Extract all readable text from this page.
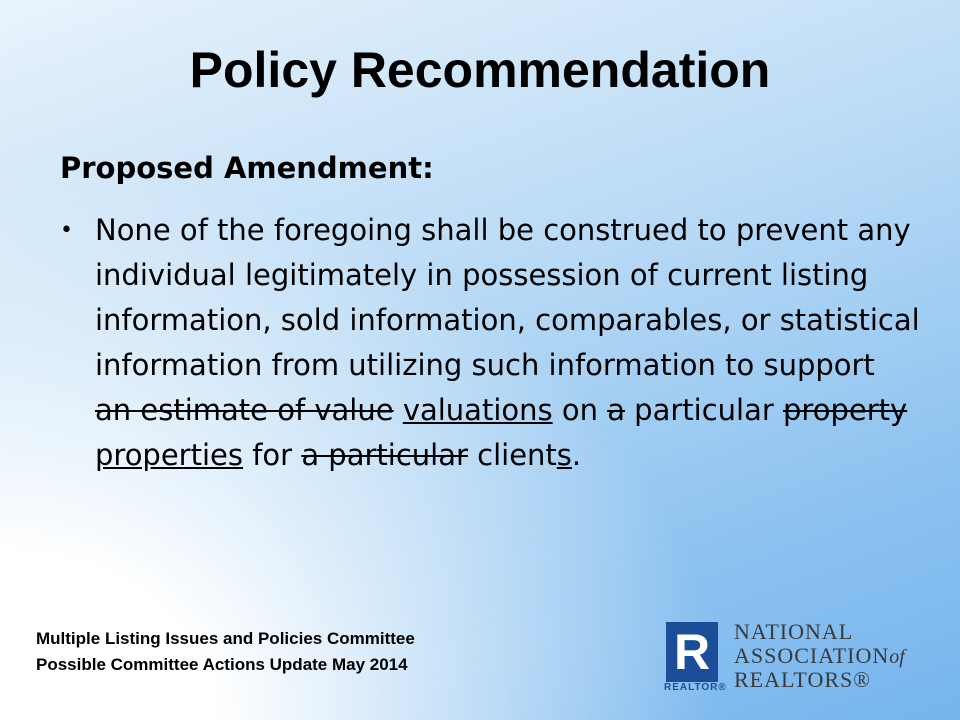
Policy Recommendation
Proposed Amendment:
• None of the foregoing shall be construed to prevent any individual legitimately in possession of current listing information, sold information, comparables, or statistical information from utilizing such information to support an estimate of value valuations on a particular property properties for a particular clients.
Multiple Listing Issues and Policies Committee
Possible Committee Actions Update May 2014	R
REALTOR®
NATIONAL
ASSOCIATIONof
REALTORS®
